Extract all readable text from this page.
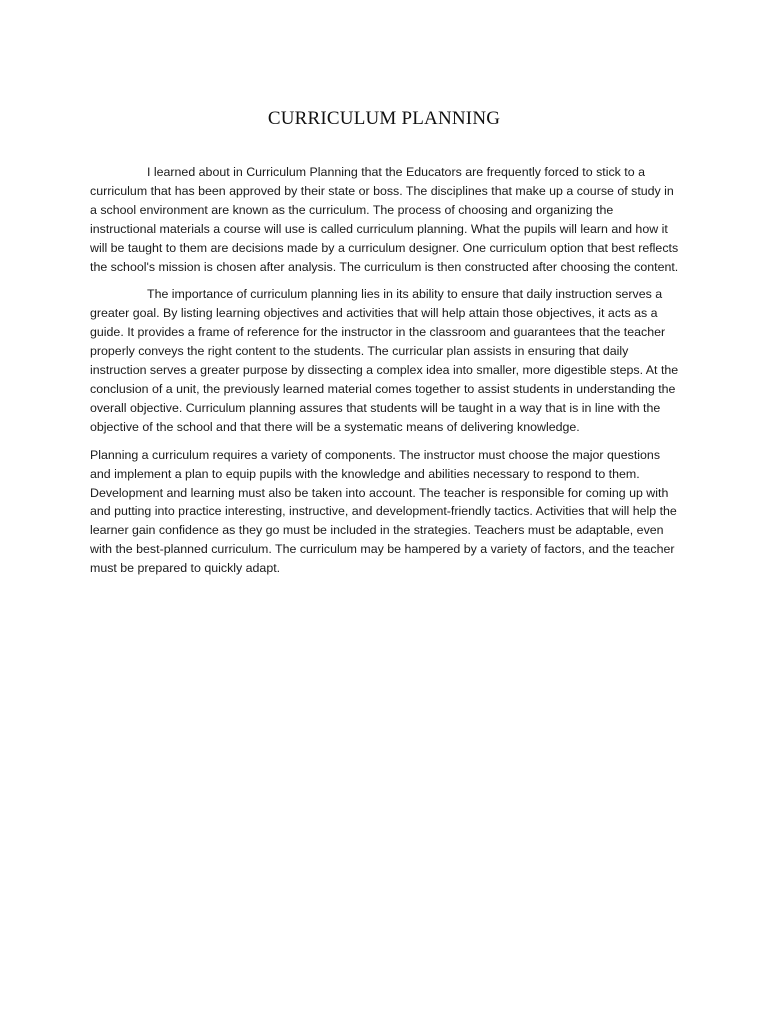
CURRICULUM PLANNING

I learned about in Curriculum Planning that the Educators are frequently forced to stick to a curriculum that has been approved by their state or boss. The disciplines that make up a course of study in a school environment are known as the curriculum. The process of choosing and organizing the instructional materials a course will use is called curriculum planning. What the pupils will learn and how it will be taught to them are decisions made by a curriculum designer. One curriculum option that best reflects the school's mission is chosen after analysis. The curriculum is then constructed after choosing the content.

The importance of curriculum planning lies in its ability to ensure that daily instruction serves a greater goal. By listing learning objectives and activities that will help attain those objectives, it acts as a guide. It provides a frame of reference for the instructor in the classroom and guarantees that the teacher properly conveys the right content to the students. The curricular plan assists in ensuring that daily instruction serves a greater purpose by dissecting a complex idea into smaller, more digestible steps. At the conclusion of a unit, the previously learned material comes together to assist students in understanding the overall objective. Curriculum planning assures that students will be taught in a way that is in line with the objective of the school and that there will be a systematic means of delivering knowledge.

Planning a curriculum requires a variety of components. The instructor must choose the major questions and implement a plan to equip pupils with the knowledge and abilities necessary to respond to them. Development and learning must also be taken into account. The teacher is responsible for coming up with and putting into practice interesting, instructive, and development-friendly tactics. Activities that will help the learner gain confidence as they go must be included in the strategies. Teachers must be adaptable, even with the best-planned curriculum. The curriculum may be hampered by a variety of factors, and the teacher must be prepared to quickly adapt.
